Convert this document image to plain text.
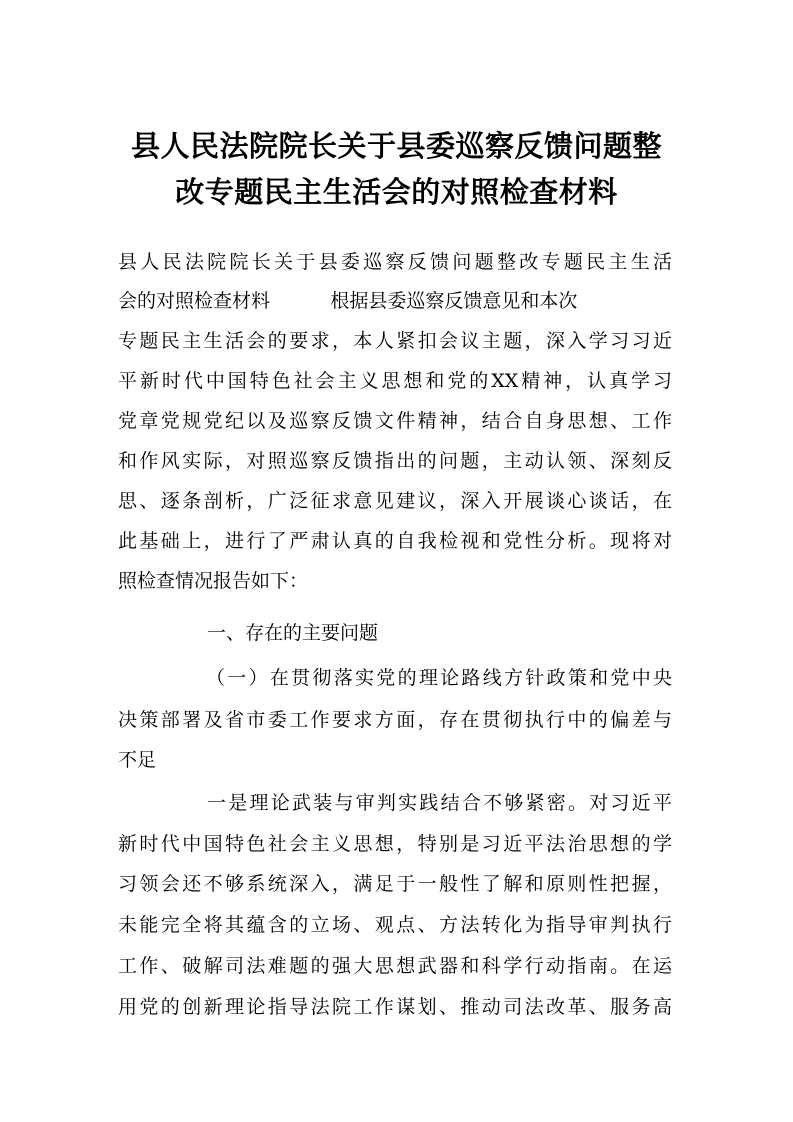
县人民法院院长关于县委巡察反馈问题整
改专题民主生活会的对照检查材料
县人民法院院长关于县委巡察反馈问题整改专题民主生活
会的对照检查材料          根据县委巡察反馈意见和本次
专题民主生活会的要求，本人紧扣会议主题，深入学习习近
平新时代中国特色社会主义思想和党的XX精神，认真学习
党章党规党纪以及巡察反馈文件精神，结合自身思想、工作
和作风实际，对照巡察反馈指出的问题，主动认领、深刻反
思、逐条剖析，广泛征求意见建议，深入开展谈心谈话，在
此基础上，进行了严肃认真的自我检视和党性分析。现将对
照检查情况报告如下：
一、存在的主要问题
（一）在贯彻落实党的理论路线方针政策和党中央
决策部署及省市委工作要求方面，存在贯彻执行中的偏差与
不足
一是理论武装与审判实践结合不够紧密。对习近平
新时代中国特色社会主义思想，特别是习近平法治思想的学
习领会还不够系统深入，满足于一般性了解和原则性把握，
未能完全将其蕴含的立场、观点、方法转化为指导审判执行
工作、破解司法难题的强大思想武器和科学行动指南。在运
用党的创新理论指导法院工作谋划、推动司法改革、服务高
